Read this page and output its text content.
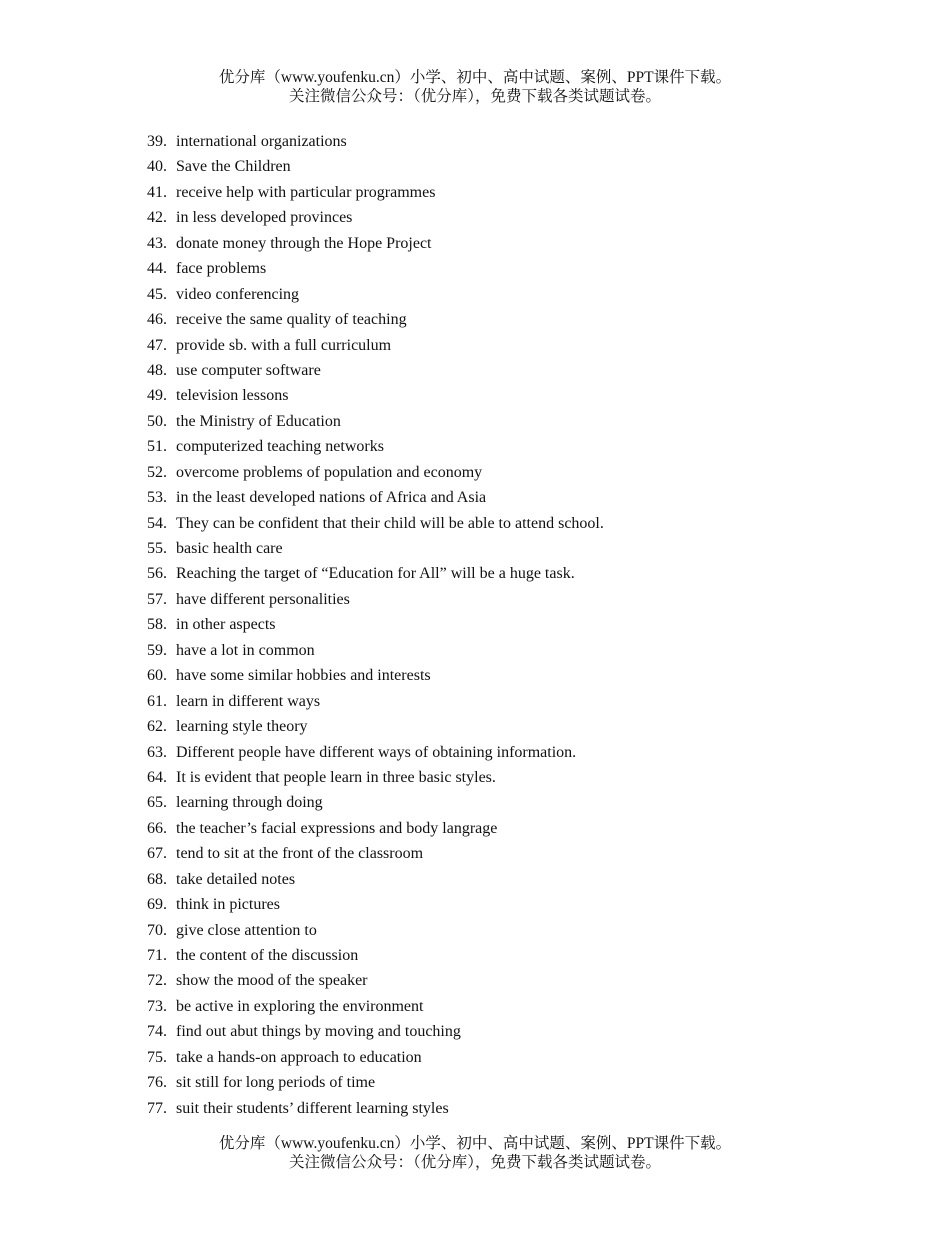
优分库（www.youfenku.cn）小学、初中、高中试题、案例、PPT课件下载。
关注微信公众号：（优分库），免费下载各类试题试卷。
39. international organizations
40. Save the Children
41. receive help with particular programmes
42. in less developed provinces
43. donate money through the Hope Project
44. face problems
45. video conferencing
46. receive the same quality of teaching
47. provide sb. with a full curriculum
48. use computer software
49. television lessons
50. the Ministry of Education
51. computerized teaching networks
52. overcome problems of population and economy
53. in the least developed nations of Africa and Asia
54. They can be confident that their child will be able to attend school.
55. basic health care
56. Reaching the target of “Education for All” will be a huge task.
57. have different personalities
58. in other aspects
59. have a lot in common
60. have some similar hobbies and interests
61. learn in different ways
62. learning style theory
63. Different people have different ways of obtaining information.
64. It is evident that people learn in three basic styles.
65. learning through doing
66. the teacher’s facial expressions and body langrage
67. tend to sit at the front of the classroom
68. take detailed notes
69. think in pictures
70. give close attention to
71. the content of the discussion
72. show the mood of the speaker
73. be active in exploring the environment
74. find out abut things by moving and touching
75. take a hands-on approach to education
76. sit still for long periods of time
77. suit their students’ different learning styles
优分库（www.youfenku.cn）小学、初中、高中试题、案例、PPT课件下载。
关注微信公众号：（优分库），免费下载各类试题试卷。
